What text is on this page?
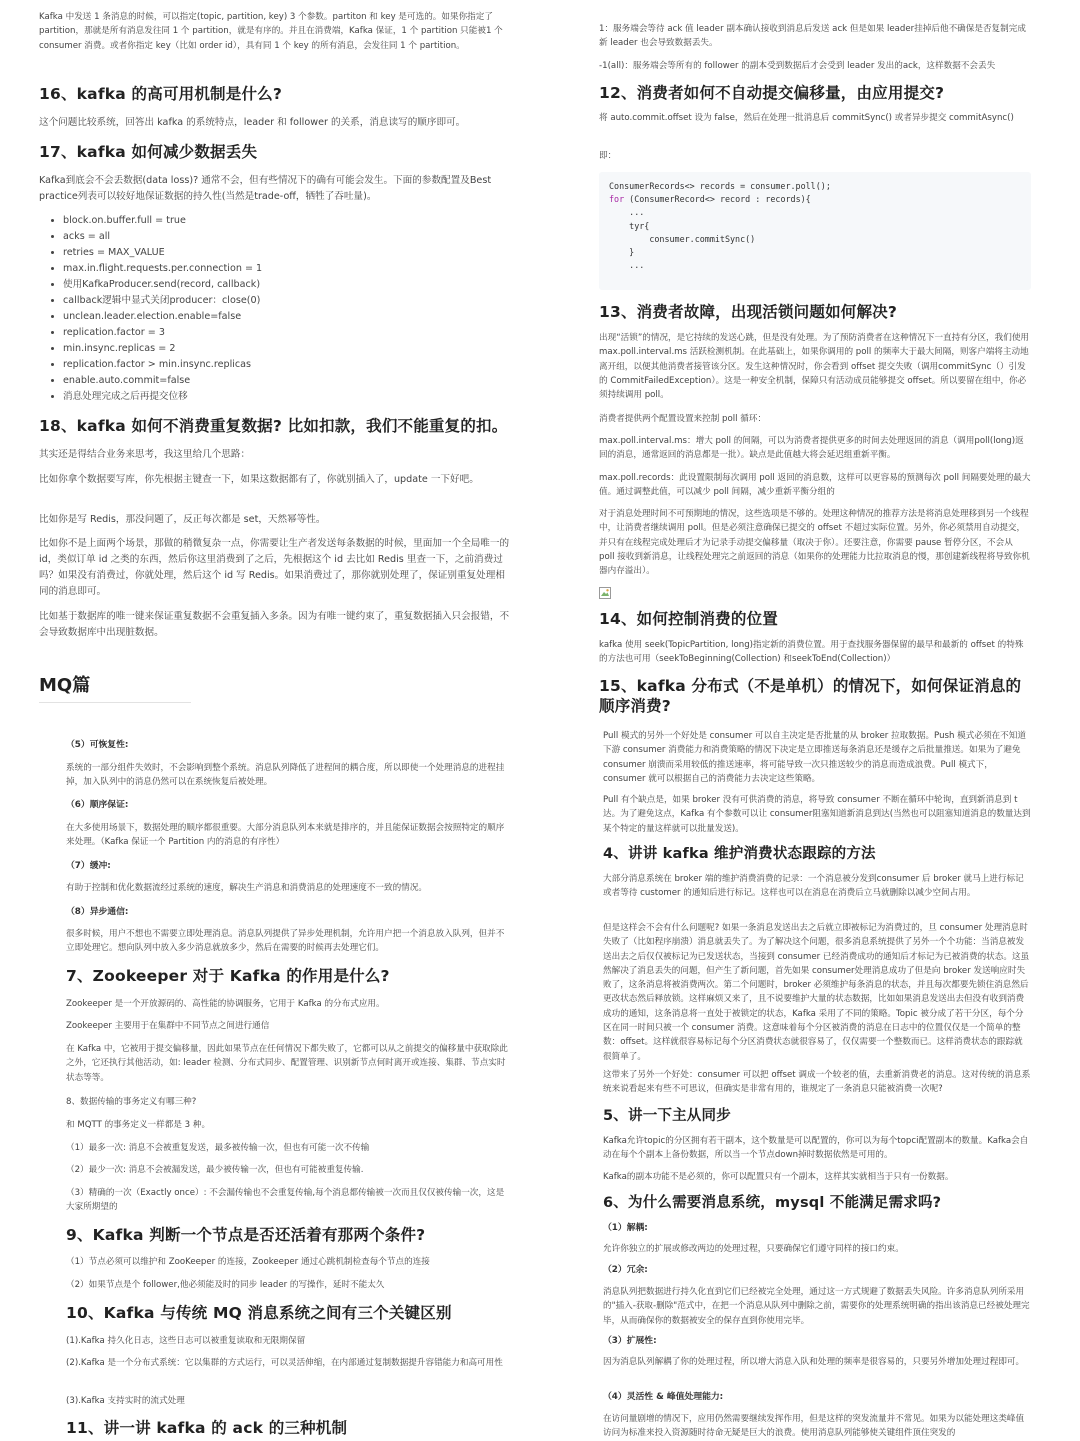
Kafka 中发送 1 条消息的时候，可以指定(topic, partition, key) 3 个参数。partiton 和 key 是可选的。如果你指定了 partition，那就是所有消息发往同 1 个 partition，就是有序的。并且在消费端，Kafka 保证，1 个 partition 只能被1 个 consumer 消费。或者你指定 key（比如 order id），具有同 1 个 key 的所有消息，会发往同 1 个 partition。

16、kafka 的高可用机制是什么?

这个问题比较系统，回答出 kafka 的系统特点，leader 和 follower 的关系，消息读写的顺序即可。

17、kafka 如何减少数据丢失

Kafka到底会不会丢数据(data loss)? 通常不会，但有些情况下的确有可能会发生。下面的参数配置及Best practice列表可以较好地保证数据的持久性(当然是trade-off，牺牲了吞吐量)。

• block.on.buffer.full = true
• acks = all
• retries = MAX_VALUE
• max.in.flight.requests.per.connection = 1
• 使用KafkaProducer.send(record, callback)
• callback逻辑中显式关闭producer：close(0)
• unclean.leader.election.enable=false
• replication.factor = 3
• min.insync.replicas = 2
• replication.factor > min.insync.replicas
• enable.auto.commit=false
• 消息处理完成之后再提交位移
18、kafka 如何不消费重复数据? 比如扣款，我们不能重复的扣。

其实还是得结合业务来思考，我这里给几个思路：

比如你拿个数据要写库，你先根据主键查一下，如果这数据都有了，你就别插入了，update 一下好吧。

比如你是写 Redis，那没问题了，反正每次都是 set，天然幂等性。

比如你不是上面两个场景，那做的稍微复杂一点，你需要让生产者发送每条数据的时候，里面加一个全局唯一的 id，类似订单 id 之类的东西，然后你这里消费到了之后，先根据这个 id 去比如 Redis 里查一下，之前消费过吗？如果没有消费过，你就处理，然后这个 id 写 Redis。如果消费过了，那你就别处理了，保证别重复处理相同的消息即可。

比如基于数据库的唯一键来保证重复数据不会重复插入多条。因为有唯一键约束了，重复数据插入只会报错，不会导致数据库中出现脏数据。

MQ篇
（5）可恢复性:

系统的一部分组件失效时，不会影响到整个系统。消息队列降低了进程间的耦合度，所以即使一个处理消息的进程挂掉，加入队列中的消息仍然可以在系统恢复后被处理。

（6）顺序保证:

在大多使用场景下，数据处理的顺序都很重要。大部分消息队列本来就是排序的，并且能保证数据会按照特定的顺序来处理。（Kafka 保证一个 Partition 内的消息的有序性）

（7）缓冲:

有助于控制和优化数据流经过系统的速度，解决生产消息和消费消息的处理速度不一致的情况。

（8）异步通信:

很多时候，用户不想也不需要立即处理消息。消息队列提供了异步处理机制，允许用户把一个消息放入队列，但并不立即处理它。想向队列中放入多少消息就放多少，然后在需要的时候再去处理它们。

7、Zookeeper 对于 Kafka 的作用是什么?

Zookeeper 是一个开放源码的、高性能的协调服务，它用于 Kafka 的分布式应用。

Zookeeper 主要用于在集群中不同节点之间进行通信

在 Kafka 中，它被用于提交偏移量，因此如果节点在任何情况下都失败了，它都可以从之前提交的偏移量中获取除此之外，它还执行其他活动，如: leader 检测、分布式同步、配置管理、识别新节点何时离开或连接、集群、节点实时状态等等。

8、数据传输的事务定义有哪三种?

和 MQTT 的事务定义一样都是 3 种。

（1）最多一次: 消息不会被重复发送，最多被传输一次，但也有可能一次不传输

（2）最少一次: 消息不会被漏发送，最少被传输一次，但也有可能被重复传输.

（3）精确的一次（Exactly once）: 不会漏传输也不会重复传输,每个消息都传输被一次而且仅仅被传输一次，这是大家所期望的

9、Kafka 判断一个节点是否还活着有那两个条件?

（1）节点必须可以维护和 ZooKeeper 的连接，Zookeeper 通过心跳机制检查每个节点的连接

（2）如果节点是个 follower,他必须能及时的同步 leader 的写操作，延时不能太久

10、Kafka 与传统 MQ 消息系统之间有三个关键区别

(1).Kafka 持久化日志，这些日志可以被重复读取和无限期保留

(2).Kafka 是一个分布式系统：它以集群的方式运行，可以灵活伸缩，在内部通过复制数据提升容错能力和高可用性

(3).Kafka 支持实时的流式处理

11、讲一讲 kafka 的 ack 的三种机制

1：服务端会等待 ack 值 leader 副本确认接收到消息后发送 ack 但是如果 leader挂掉后他不确保是否复制完成新 leader 也会导致数据丢失。

-1(all)：服务端会等所有的 follower 的副本受到数据后才会受到 leader 发出的ack，这样数据不会丢失

12、消费者如何不自动提交偏移量，由应用提交?

将 auto.commit.offset 设为 false，然后在处理一批消息后 commitSync() 或者异步提交 commitAsync()

即：

ConsumerRecords<> records = consumer.poll();
for (ConsumerRecord<> record : records){
...
tyr{
consumer.commitSync()
}
...
13、消费者故障，出现活锁问题如何解决?

出现“活锁”的情况，是它持续的发送心跳，但是没有处理。为了预防消费者在这种情况下一直持有分区，我们使用 max.poll.interval.ms 活跃检测机制。在此基础上，如果你调用的 poll 的频率大于最大间隔，则客户端将主动地离开组，以便其他消费者接管该分区。发生这种情况时，你会看到 offset 提交失败（调用commitSync（）引发的 CommitFailedException）。这是一种安全机制，保障只有活动成员能够提交 offset。所以要留在组中，你必须持续调用 poll。

消费者提供两个配置设置来控制 poll 循环：

max.poll.interval.ms：增大 poll 的间隔，可以为消费者提供更多的时间去处理返回的消息（调用poll(long)返回的消息，通常返回的消息都是一批）。缺点是此值越大将会延迟组重新平衡。

max.poll.records：此设置限制每次调用 poll 返回的消息数，这样可以更容易的预测每次 poll 间隔要处理的最大值。通过调整此值，可以减少 poll 间隔，减少重新平衡分组的

对于消息处理时间不可预期地的情况，这些选项是不够的。处理这种情况的推荐方法是将消息处理移到另一个线程中，让消费者继续调用 poll。但是必须注意确保已提交的 offset 不超过实际位置。另外，你必须禁用自动提交，并只有在线程完成处理后才为记录手动提交偏移量（取决于你）。还要注意，你需要 pause 暂停分区，不会从 poll 接收到新消息，让线程处理完之前返回的消息（如果你的处理能力比拉取消息的慢，那创建新线程将导致你机器内存溢出）。

14、如何控制消费的位置

kafka 使用 seek(TopicPartition, long)指定新的消费位置。用于查找服务器保留的最早和最新的 offset 的特殊的方法也可用（seekToBeginning(Collection) 和seekToEnd(Collection)）

15、kafka 分布式（不是单机）的情况下，如何保证消息的顺序消费?

Pull 模式的另外一个好处是 consumer 可以自主决定是否批量的从 broker 拉取数据。Push 模式必须在不知道下游 consumer 消费能力和消费策略的情况下决定是立即推送每条消息还是缓存之后批量推送。如果为了避免 consumer 崩溃而采用较低的推送速率，将可能导致一次只推送较少的消息而造成浪费。Pull 模式下，consumer 就可以根据自己的消费能力去决定这些策略。

Pull 有个缺点是，如果 broker 没有可供消费的消息，将导致 consumer 不断在循环中轮询，直到新消息到 t 达。为了避免这点，Kafka 有个参数可以让 consumer阻塞知道新消息到达(当然也可以阻塞知道消息的数量达到某个特定的量这样就可以批量发送)。

4、讲讲 kafka 维护消费状态跟踪的方法

大部分消息系统在 broker 端的维护消费消费的记录：一个消息被分发到consumer 后 broker 就马上进行标记或者等待 customer 的通知后进行标记。这样也可以在消息在消费后立马就删除以减少空间占用。

但是这样会不会有什么问题呢? 如果一条消息发送出去之后就立即被标记为消费过的，旦 consumer 处理消息时失败了（比如程序崩溃）消息就丢失了。为了解决这个问题，很多消息系统提供了另外一个个功能：当消息被发送出去之后仅仅被标记为已发送状态，当接到 consumer 已经消费成功的通知后才标记为已被消费的状态。这虽然解决了消息丢失的问题，但产生了新问题，首先如果 consumer处理消息成功了但是向 broker 发送响应时失败了，这条消息将被消费两次。第二个问题时，broker 必须维护每条消息的状态，并且每次都要先锁住消息然后更改状态然后释放锁。这样麻烦又来了，且不说要维护大量的状态数据，比如如果消息发送出去但没有收到消费成功的通知，这条消息将一直处于被锁定的状态，Kafka 采用了不同的策略。Topic 被分成了若干分区，每个分区在同一时间只被一个 consumer 消费。这意味着每个分区被消费的消息在日志中的位置仅仅是一个简单的整数：offset。这样就很容易标记每个分区消费状态就很容易了，仅仅需要一个整数而已。这样消费状态的跟踪就很简单了。

这带来了另外一个好处：consumer 可以把 offset 调成一个较老的值，去重新消费老的消息。这对传统的消息系统来说看起来有些不可思议，但确实是非常有用的，谁规定了一条消息只能被消费一次呢?

5、讲一下主从同步

Kafka允许topic的分区拥有若干副本，这个数量是可以配置的，你可以为每个topci配置副本的数量。Kafka会自动在每个个副本上备份数据，所以当一个节点down掉时数据依然是可用的。

Kafka的副本功能不是必须的，你可以配置只有一个副本，这样其实就相当于只有一份数据。

6、为什么需要消息系统，mysql 不能满足需求吗?
（1）解耦:

允许你独立的扩展或修改两边的处理过程，只要确保它们遵守同样的接口约束。

（2）冗余:

消息队列把数据进行持久化直到它们已经被完全处理，通过这一方式规避了数据丢失风险。许多消息队列所采用的"插入-获取-删除"范式中，在把一个消息从队列中删除之前，需要你的处理系统明确的指出该消息已经被处理完毕，从而确保你的数据被安全的保存直到你使用完毕。

（3）扩展性:

因为消息队列解耦了你的处理过程，所以增大消息入队和处理的频率是很容易的，只要另外增加处理过程即可。

（4）灵活性 & 峰值处理能力:

在访问量剧增的情况下，应用仍然需要继续发挥作用，但是这样的突发流量并不常见。如果为以能处理这类峰值访问为标准来投入资源随时待命无疑是巨大的浪费。使用消息队列能够使关键组件顶住突发的
